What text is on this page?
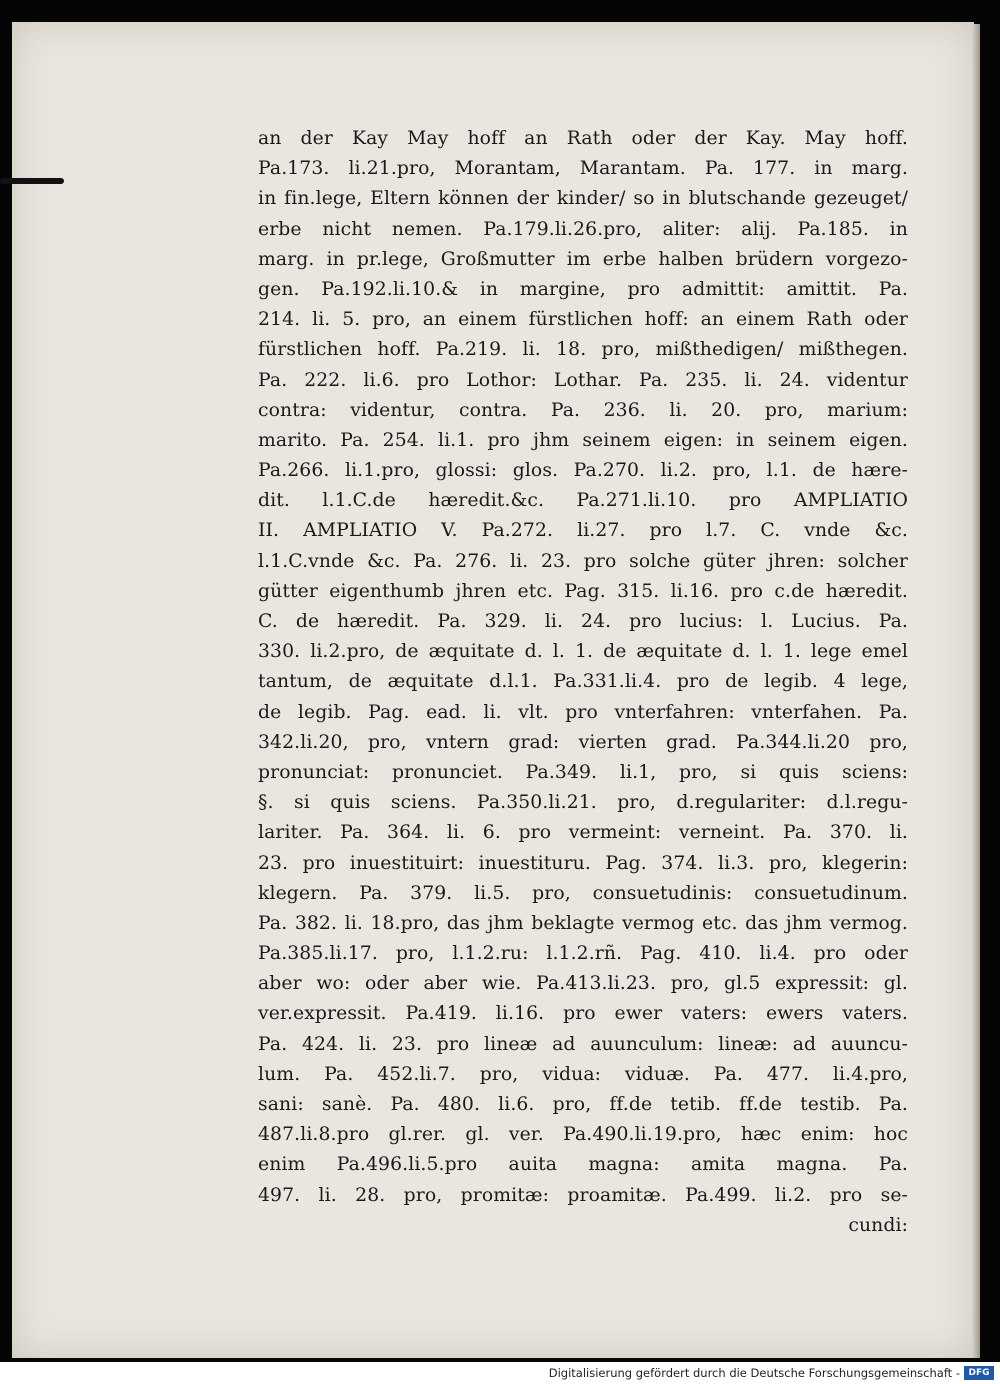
an der Kay May hoff an Rath oder der Kay. May hoff.
Pa.173. li.21.pro, Morantam, Marantam. Pa. 177. in marg.
in fin.lege, Eltern können der kinder/ so in blutschande gezeuget/
erbe nicht nemen. Pa.179.li.26.pro, aliter: alij. Pa.185. in
marg. in pr.lege, Großmutter im erbe halben brüdern vorgezo-
gen. Pa.192.li.10.& in margine, pro admittit: amittit. Pa.
214. li. 5. pro, an einem fürstlichen hoff: an einem Rath oder
fürstlichen hoff. Pa.219. li. 18. pro, mißthedigen/ mißthegen.
Pa. 222. li.6. pro Lothor: Lothar. Pa. 235. li. 24. videntur
contra: videntur, contra. Pa. 236. li. 20. pro, marium:
marito. Pa. 254. li.1. pro jhm seinem eigen: in seinem eigen.
Pa.266. li.1.pro, glossi: glos. Pa.270. li.2. pro, l.1. de hære-
dit. l.1.C.de hæredit.&c. Pa.271.li.10. pro AMPLIATIO
II. AMPLIATIO V. Pa.272. li.27. pro l.7. C. vnde &c.
l.1.C.vnde &c. Pa. 276. li. 23. pro solche güter jhren: solcher
gütter eigenthumb jhren etc. Pag. 315. li.16. pro c.de hæredit.
C. de hæredit. Pa. 329. li. 24. pro lucius: l. Lucius. Pa.
330. li.2.pro, de æquitate d. l. 1. de æquitate d. l. 1. lege emel
tantum, de æquitate d.l.1. Pa.331.li.4. pro de legib. 4 lege,
de legib. Pag. ead. li. vlt. pro vnterfahren: vnterfahen. Pa.
342.li.20, pro, vntern grad: vierten grad. Pa.344.li.20 pro,
pronunciat: pronunciet. Pa.349. li.1, pro, si quis sciens:
§. si quis sciens. Pa.350.li.21. pro, d.regulariter: d.l.regu-
lariter. Pa. 364. li. 6. pro vermeint: verneint. Pa. 370. li.
23. pro inuestituirt: inuestituru. Pag. 374. li.3. pro, klegerin:
klegern. Pa. 379. li.5. pro, consuetudinis: consuetudinum.
Pa. 382. li. 18.pro, das jhm beklagte vermog etc. das jhm vermog.
Pa.385.li.17. pro, l.1.2.ru: l.1.2.rñ. Pag. 410. li.4. pro oder
aber wo: oder aber wie. Pa.413.li.23. pro, gl.5 expressit: gl.
ver.expressit. Pa.419. li.16. pro ewer vaters: ewers vaters.
Pa. 424. li. 23. pro lineæ ad auunculum: lineæ: ad auuncu-
lum. Pa. 452.li.7. pro, vidua: viduæ. Pa. 477. li.4.pro,
sani: sanè. Pa. 480. li.6. pro, ff.de tetib. ff.de testib. Pa.
487.li.8.pro gl.rer. gl. ver. Pa.490.li.19.pro, hæc enim: hoc
enim Pa.496.li.5.pro auita magna: amita magna. Pa.
497. li. 28. pro, promitæ: proamitæ. Pa.499. li.2. pro se-
cundi:
Digitalisierung gefördert durch die Deutsche Forschungsgemeinschaft - DFG
